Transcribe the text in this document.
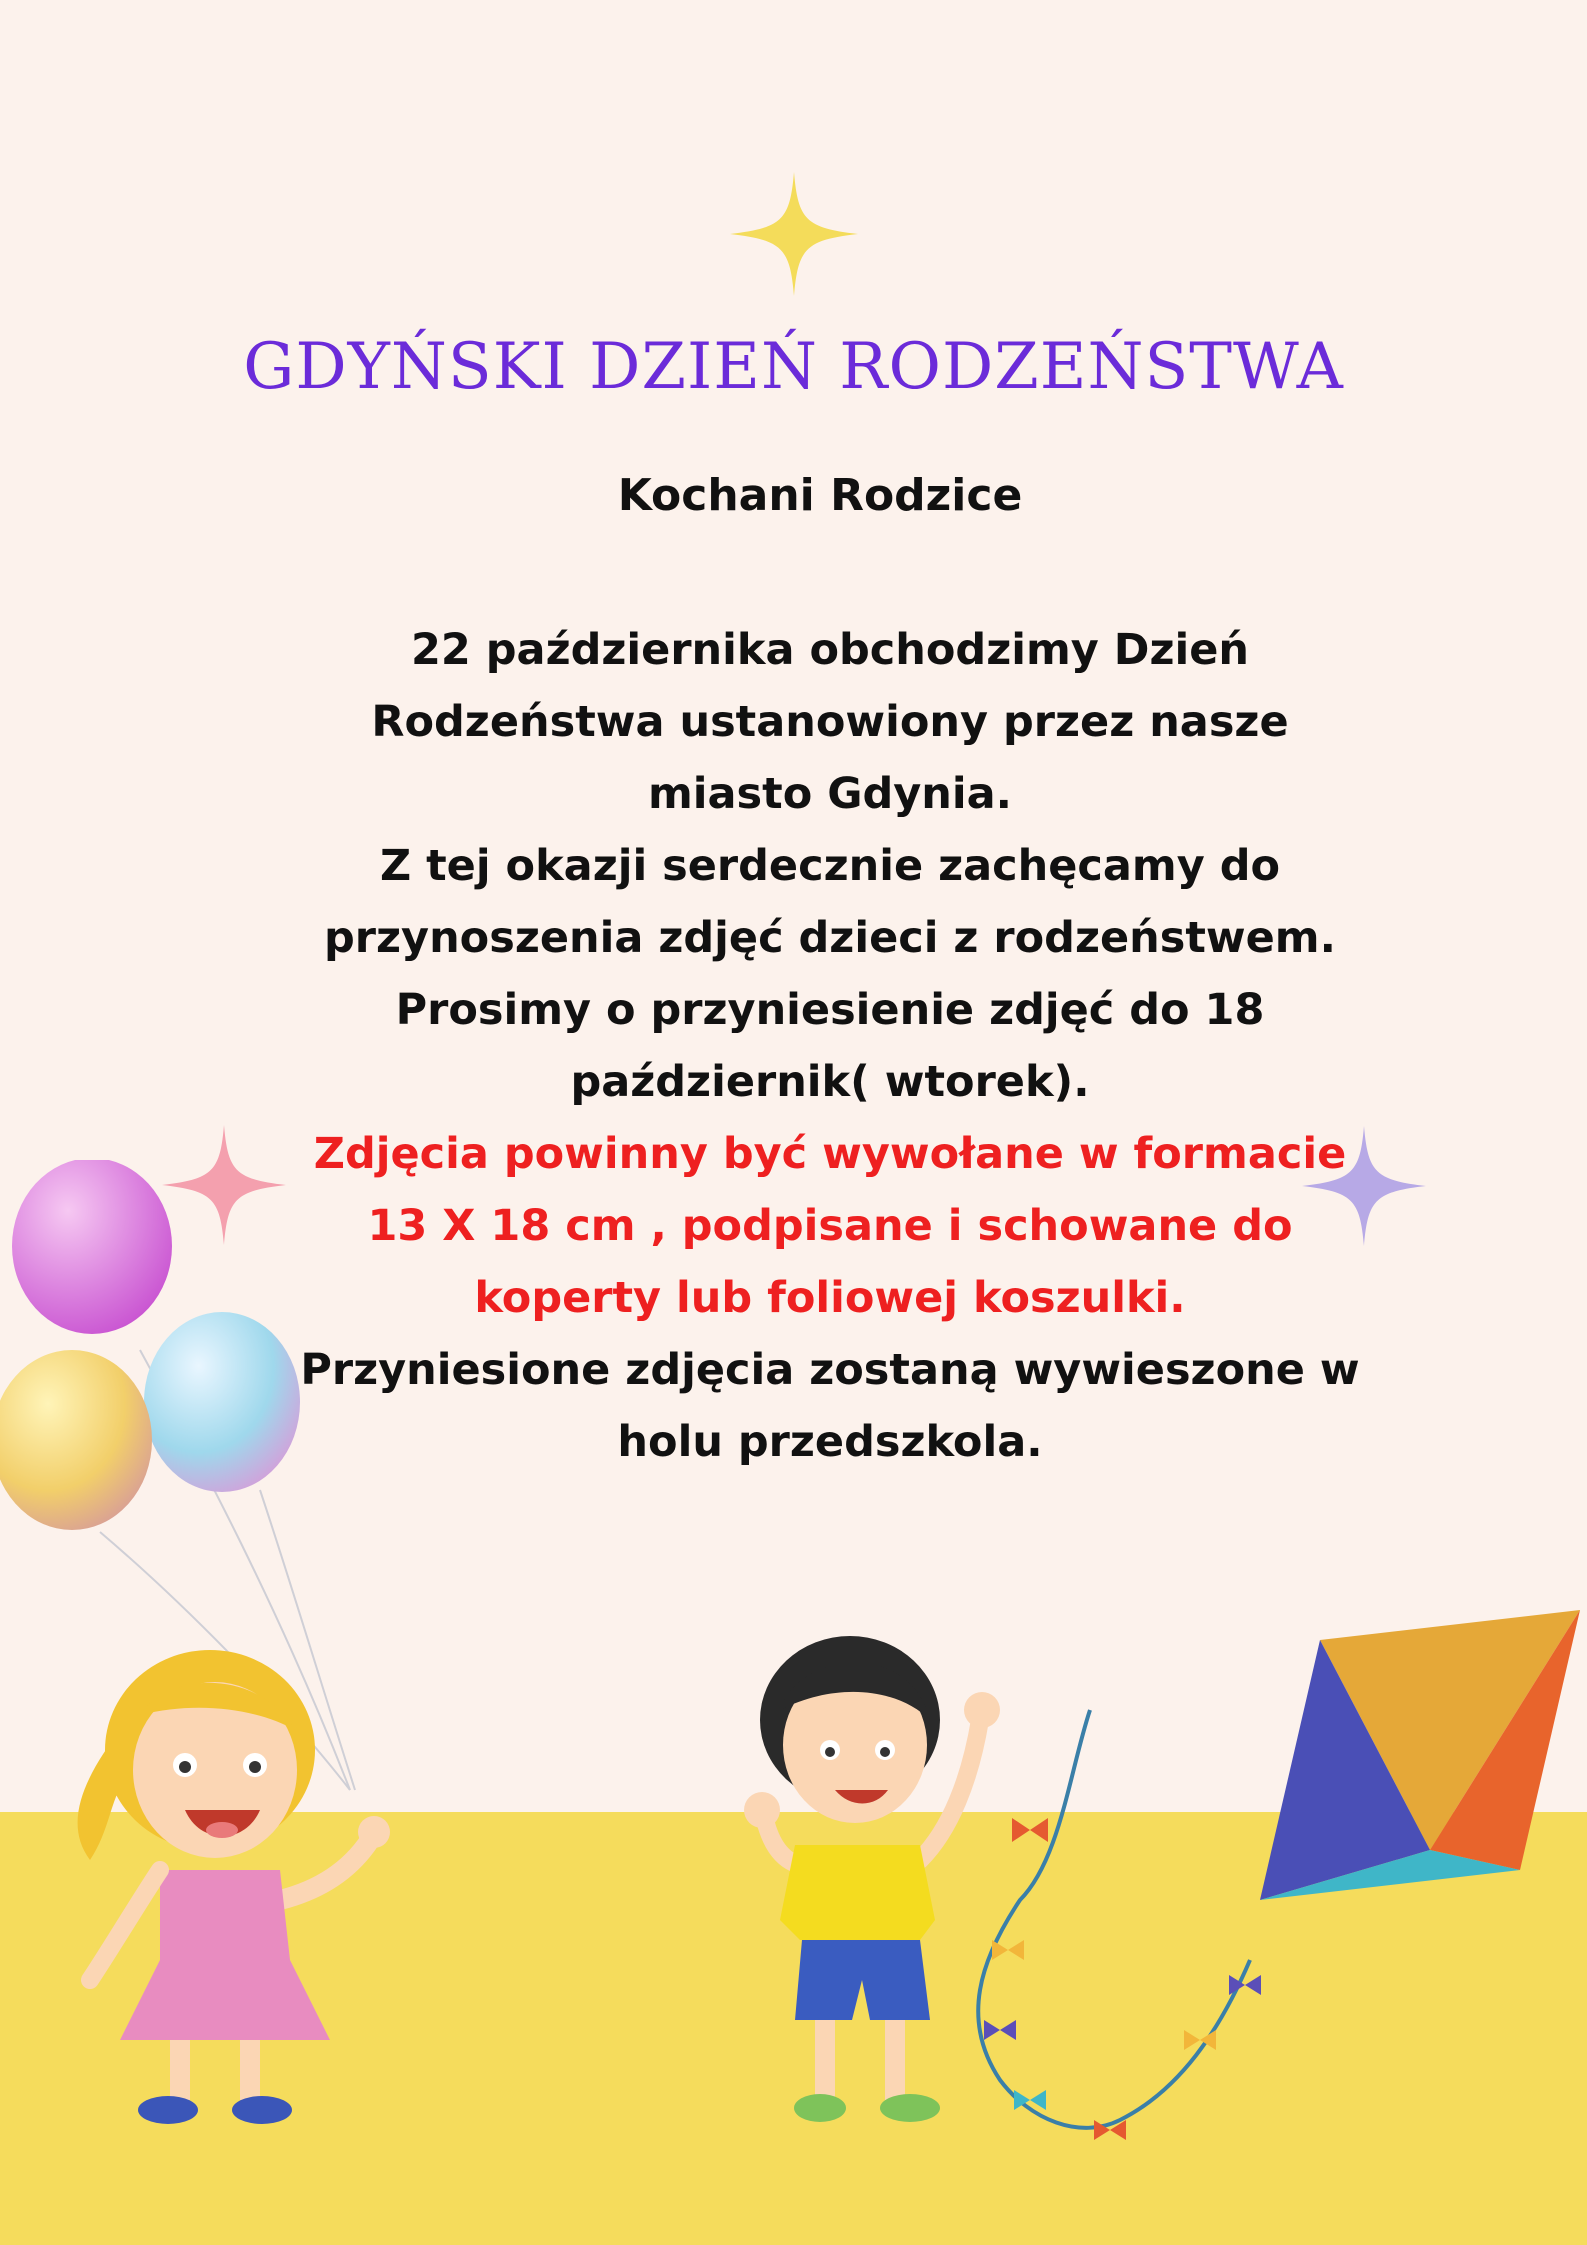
GDYŃSKI DZIEŃ RODZEŃSTWA
Kochani Rodzice

22 października obchodzimy Dzień

Rodzeństwa ustanowiony przez nasze

miasto Gdynia.

Z tej okazji serdecznie zachęcamy do

przynoszenia zdjęć dzieci z rodzeństwem.

Prosimy o przyniesienie zdjęć do 18

październik( wtorek).

Zdjęcia powinny być wywołane w formacie

13 X 18 cm , podpisane i schowane do

koperty lub foliowej koszulki.

Przyniesione zdjęcia zostaną wywieszone w

holu przedszkola.
